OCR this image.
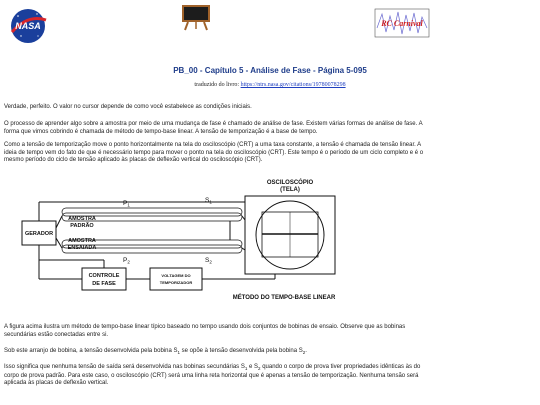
NASA	RC Carnival
PB_00 - Capítulo 5 - Análise de Fase - Página 5-095
traduzido do livro: https://ntrs.nasa.gov/citations/19780078298
Verdade, perfeito. O valor no cursor depende de como você estabelece as condições iniciais.
O processo de aprender algo sobre a amostra por meio de uma mudança de fase é chamado de análise de fase. Existem várias formas de análise de fase. A forma que vimos cobrindo é chamada de método de tempo-base linear. A tensão de temporização é a base de tempo.
Como a tensão de temporização move o ponto horizontalmente na tela do osciloscópio (CRT) a uma taxa constante, a tensão é chamada de tensão linear. A ideia de tempo vem do fato de que é necessário tempo para mover o ponto na tela do osciloscópio (CRT). Este tempo é o período de um ciclo completo e é o mesmo período do ciclo de tensão aplicado às placas de deflexão vertical do osciloscópio (CRT).
OSCILOSCÓPIO
(TELA)
$P_1$
$S_1$
$P_2$	$S_2$
AMOSTRA
PADRÃO
AMOSTRA
ENSAIADA
GERADOR
CONTROLE
DE FASE
VOLTAGEM DO
TEMPORIZADOR
MÉTODO DO TEMPO-BASE LINEAR
A figura acima ilustra um método de tempo-base linear típico baseado no tempo usando dois conjuntos de bobinas de ensaio. Observe que as bobinas secundárias estão conectadas entre si.
Sob este arranjo de bobina, a tensão desenvolvida pela bobina $S_1$ se opõe à tensão desenvolvida pela bobina $S_2$.
Isso significa que nenhuma tensão de saída será desenvolvida nas bobinas secundárias $S_1$ e $S_2$ quando o corpo de prova tiver propriedades idênticas às do corpo de prova padrão. Para este caso, o osciloscópio (CRT) será uma linha reta horizontal que é apenas a tensão de temporização. Nenhuma tensão será aplicada às placas de deflexão vertical.
